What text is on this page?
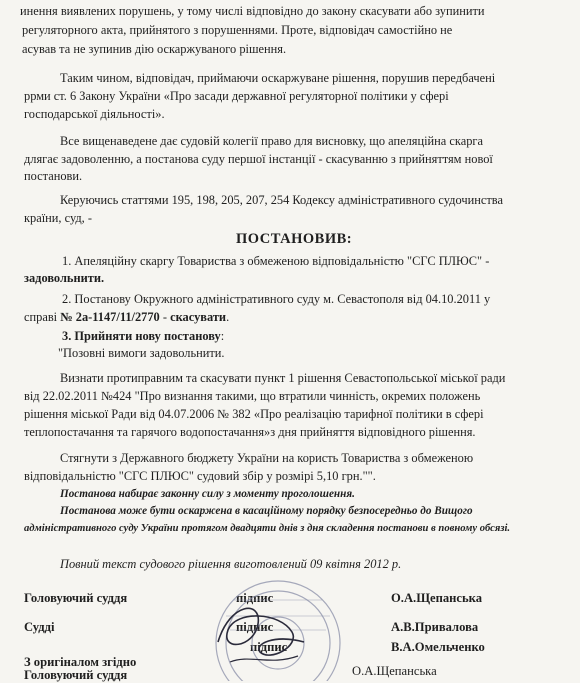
инення виявлених порушень, у тому числі відповідно до закону скасувати або зупинити
регуляторного акта, прийнятого з порушеннями. Проте, відповідач самостійно не
асував та не зупинив дію оскаржуваного рішення.
Таким чином, відповідач, приймаючи оскаржуване рішення, порушив передбачені
ррми ст. 6 Закону України «Про засади державної регуляторної політики у сфері
господарської діяльності».
Все вищенаведене дає судовій колегії право для висновку, що апеляційна скарга
длягає задоволенню, а постанова суду першої інстанції - скасуванню з прийняттям нової
постанови.
Керуючись статтями 195, 198, 205, 207, 254 Кодексу адміністративного судочинства
країни, суд, -
ПОСТАНОВИВ:
1. Апеляційну скаргу Товариства з обмеженою відповідальністю "СГС ПЛЮС" -
задовольнити.
2. Постанову Окружного адміністративного суду м. Севастополя від 04.10.2011 у
справі № 2а-1147/11/2770 - скасувати.
3. Прийняти нову постанову:
"Позовні вимоги задовольнити.
Визнати протиправним та скасувати пункт 1 рішення Севастопольської міської ради
від 22.02.2011 №424 "Про визнання такими, що втратили чинність, окремих положень
рішення міської Ради від 04.07.2006 № 382 «Про реалізацію тарифної політики в сфері
теплопостачання та гарячого водопостачання»з дня прийняття відповідного рішення.
Стягнути з Державного бюджету України на користь Товариства з обмеженою
відповідальністю "СГС ПЛЮС" судовий збір у розмірі 5,10 грн."".
Постанова набирає законну силу з моменту проголошення.
Постанова може бути оскаржена в касаційному порядку безпосередньо до Вищого
адміністративного суду України протягом двадцяти днів з дня складення постанови в повному обсязі.
Повний текст судового рішення виготовлений 09 квітня 2012 р.
Головуючий суддя	підпис	О.А.Щепанська
Судді	підпис	А.В.Привалова
підпис	В.А.Омельченко
З оригіналом згідно
Головуючий суддя	О.А.Щепанська
